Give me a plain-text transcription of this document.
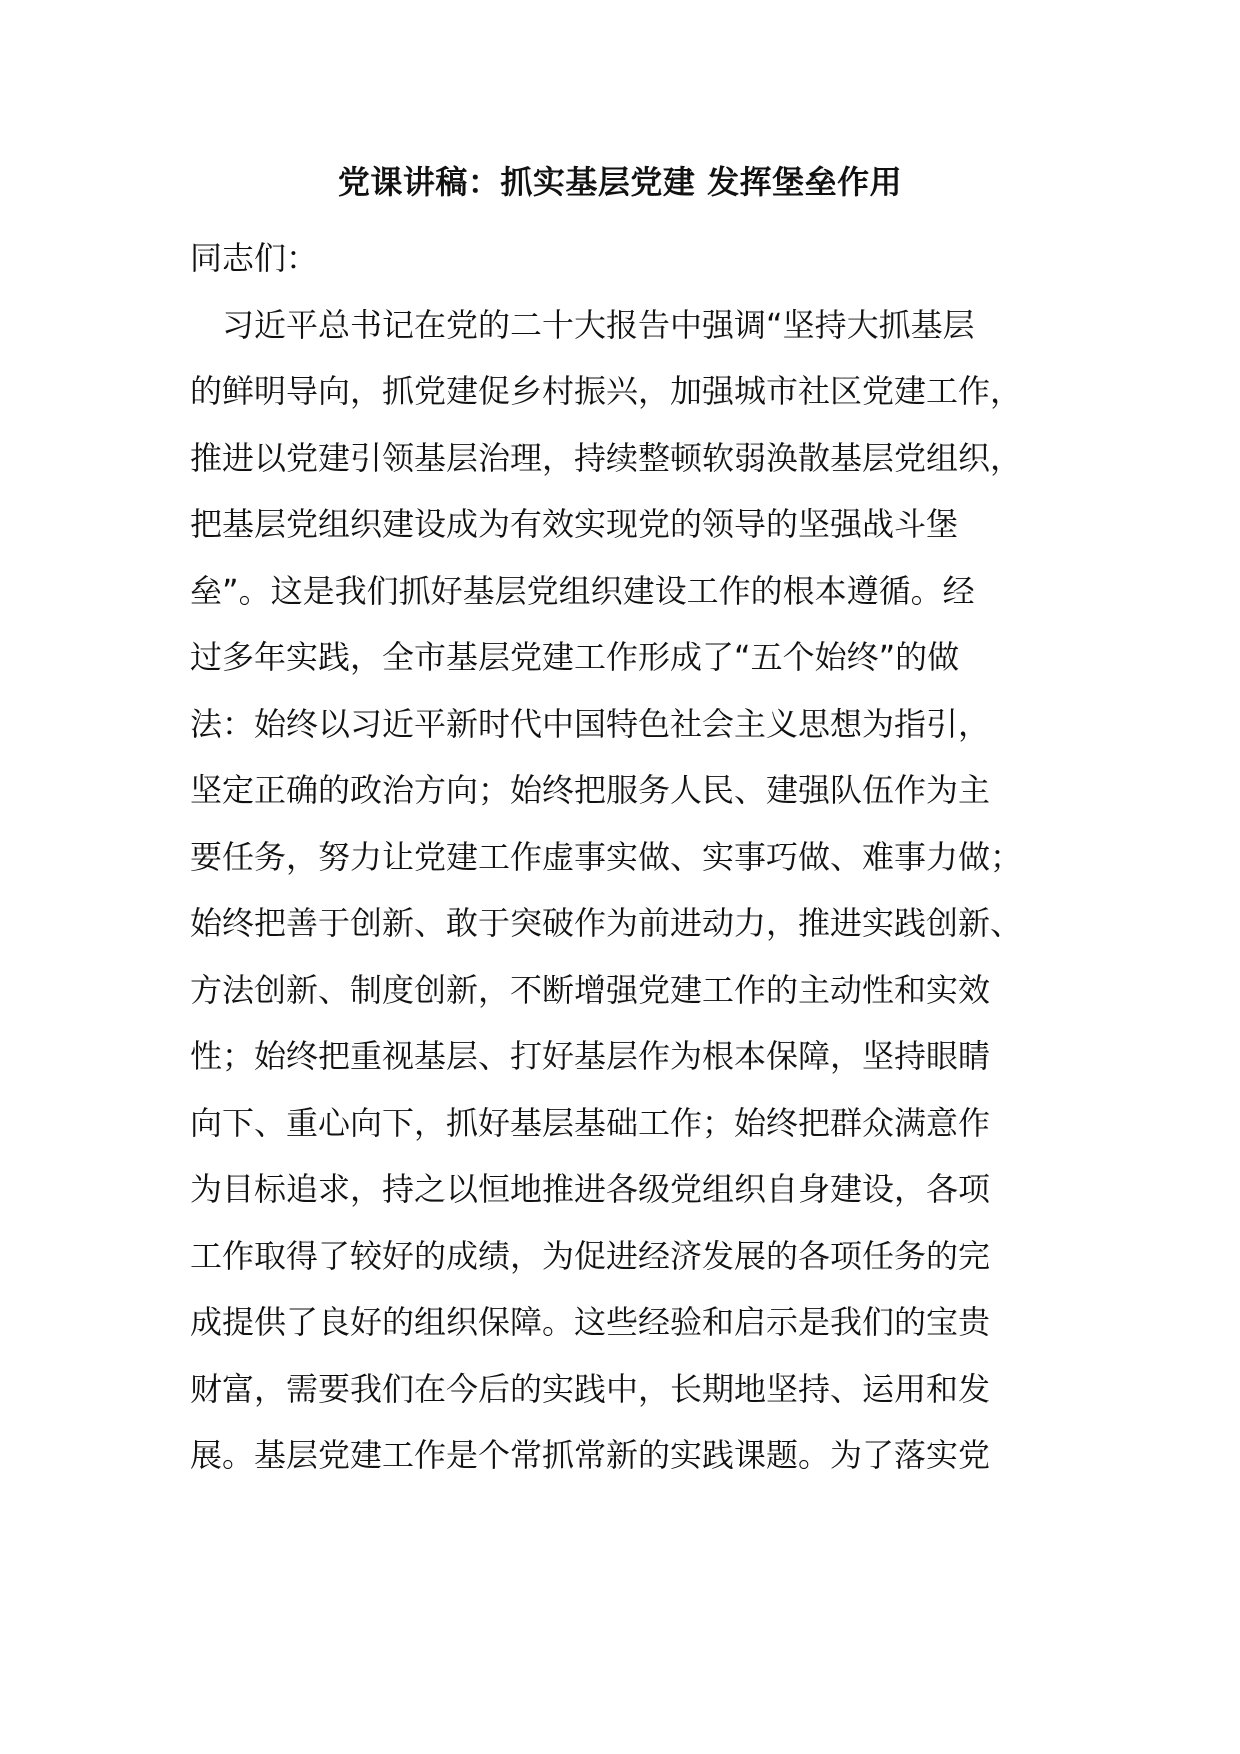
党课讲稿：抓实基层党建 发挥堡垒作用
同志们：
　习近平总书记在党的二十大报告中强调“坚持大抓基层
的鲜明导向，抓党建促乡村振兴，加强城市社区党建工作，
推进以党建引领基层治理，持续整顿软弱涣散基层党组织，
把基层党组织建设成为有效实现党的领导的坚强战斗堡
垒”。这是我们抓好基层党组织建设工作的根本遵循。经
过多年实践，全市基层党建工作形成了“五个始终”的做
法：始终以习近平新时代中国特色社会主义思想为指引，
坚定正确的政治方向；始终把服务人民、建强队伍作为主
要任务，努力让党建工作虚事实做、实事巧做、难事力做；
始终把善于创新、敢于突破作为前进动力，推进实践创新、
方法创新、制度创新，不断增强党建工作的主动性和实效
性；始终把重视基层、打好基层作为根本保障，坚持眼睛
向下、重心向下，抓好基层基础工作；始终把群众满意作
为目标追求，持之以恒地推进各级党组织自身建设，各项
工作取得了较好的成绩，为促进经济发展的各项任务的完
成提供了良好的组织保障。这些经验和启示是我们的宝贵
财富，需要我们在今后的实践中，长期地坚持、运用和发
展。基层党建工作是个常抓常新的实践课题。为了落实党
